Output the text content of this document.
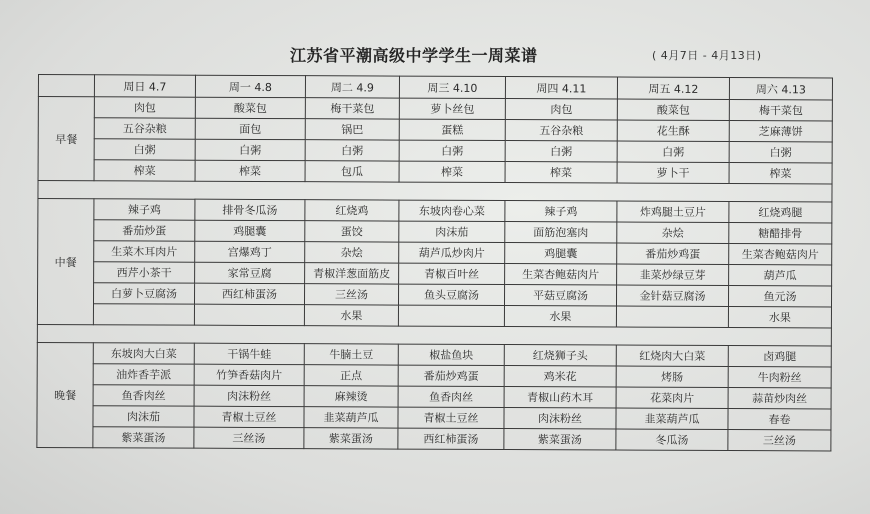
江苏省平潮高级中学学生一周菜谱	( 4月7日 - 4月13日)
	周日 4.7	周一 4.8	周二 4.9	周三 4.10	周四 4.11	周五 4.12	周六 4.13
早餐	肉包	酸菜包	梅干菜包	萝卜丝包	肉包	酸菜包	梅干菜包
	五谷杂粮	面包	锅巴	蛋糕	五谷杂粮	花生酥	芝麻薄饼
	白粥	白粥	白粥	白粥	白粥	白粥	白粥
	榨菜	榨菜	包瓜	榨菜	榨菜	萝卜干	榨菜

中餐	辣子鸡	排骨冬瓜汤	红烧鸡	东坡肉卷心菜	辣子鸡	炸鸡腿土豆片	红烧鸡腿
	番茄炒蛋	鸡腿囊	蛋饺	肉沫茄	面筋泡塞肉	杂烩	糖醋排骨
	生菜木耳肉片	宫爆鸡丁	杂烩	葫芦瓜炒肉片	鸡腿囊	番茄炒鸡蛋	生菜杏鲍菇肉片
	西芹小茶干	家常豆腐	青椒洋葱面筋皮	青椒百叶丝	生菜杏鲍菇肉片	韭菜炒绿豆芽	葫芦瓜
	白萝卜豆腐汤	西红柿蛋汤	三丝汤	鱼头豆腐汤	平菇豆腐汤	金针菇豆腐汤	鱼元汤
			水果		水果		水果

晚餐	东坡肉大白菜	干锅牛蛙	牛腩土豆	椒盐鱼块	红烧狮子头	红烧肉大白菜	卤鸡腿
	油炸香芋派	竹笋香菇肉片	正点	番茄炒鸡蛋	鸡米花	烤肠	牛肉粉丝
	鱼香肉丝	肉沫粉丝	麻辣烫	鱼香肉丝	青椒山药木耳	花菜肉片	蒜苗炒肉丝
	肉沫茄	青椒土豆丝	韭菜葫芦瓜	青椒土豆丝	肉沫粉丝	韭菜葫芦瓜	春卷
	紫菜蛋汤	三丝汤	紫菜蛋汤	西红柿蛋汤	紫菜蛋汤	冬瓜汤	三丝汤
